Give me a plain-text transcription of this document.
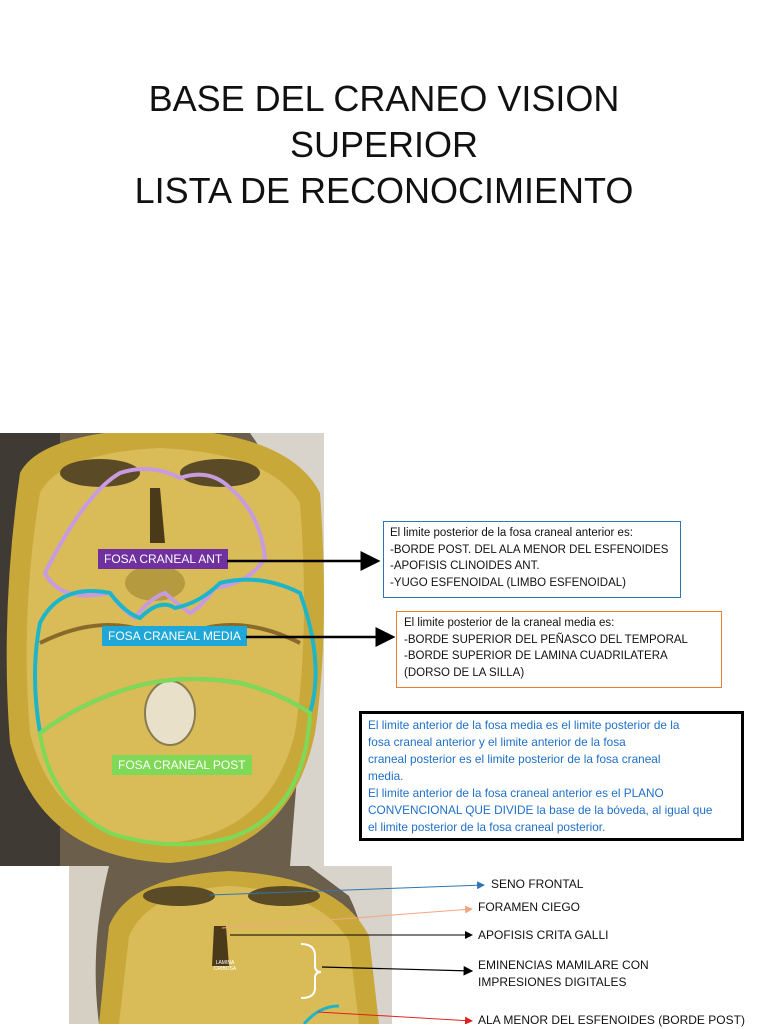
BASE DEL CRANEO VISION
SUPERIOR
LISTA DE RECONOCIMIENTO
FOSA CRANEAL ANT
FOSA CRANEAL MEDIA
FOSA CRANEAL POST
LAMINA CRIBOSA
El limite posterior de la fosa craneal anterior es:
-BORDE POST. DEL ALA MENOR DEL ESFENOIDES
-APOFISIS CLINOIDES ANT.
-YUGO ESFENOIDAL (LIMBO ESFENOIDAL)
El limite posterior de la craneal media es:
-BORDE SUPERIOR DEL PEÑASCO DEL TEMPORAL
-BORDE SUPERIOR DE LAMINA CUADRILATERA
(DORSO DE LA SILLA)
El limite anterior de la fosa media es el limite posterior de la
fosa craneal anterior y el limite anterior de la fosa
craneal posterior es el limite posterior de la fosa craneal
media.
El limite anterior de la fosa craneal anterior es el PLANO
CONVENCIONAL QUE DIVIDE la base de la bóveda, al igual que
el limite posterior de la fosa craneal posterior.
SENO FRONTAL
FORAMEN CIEGO
APOFISIS CRITA GALLI
EMINENCIAS MAMILARE CON
IMPRESIONES DIGITALES
ALA MENOR DEL ESFENOIDES (BORDE POST)
